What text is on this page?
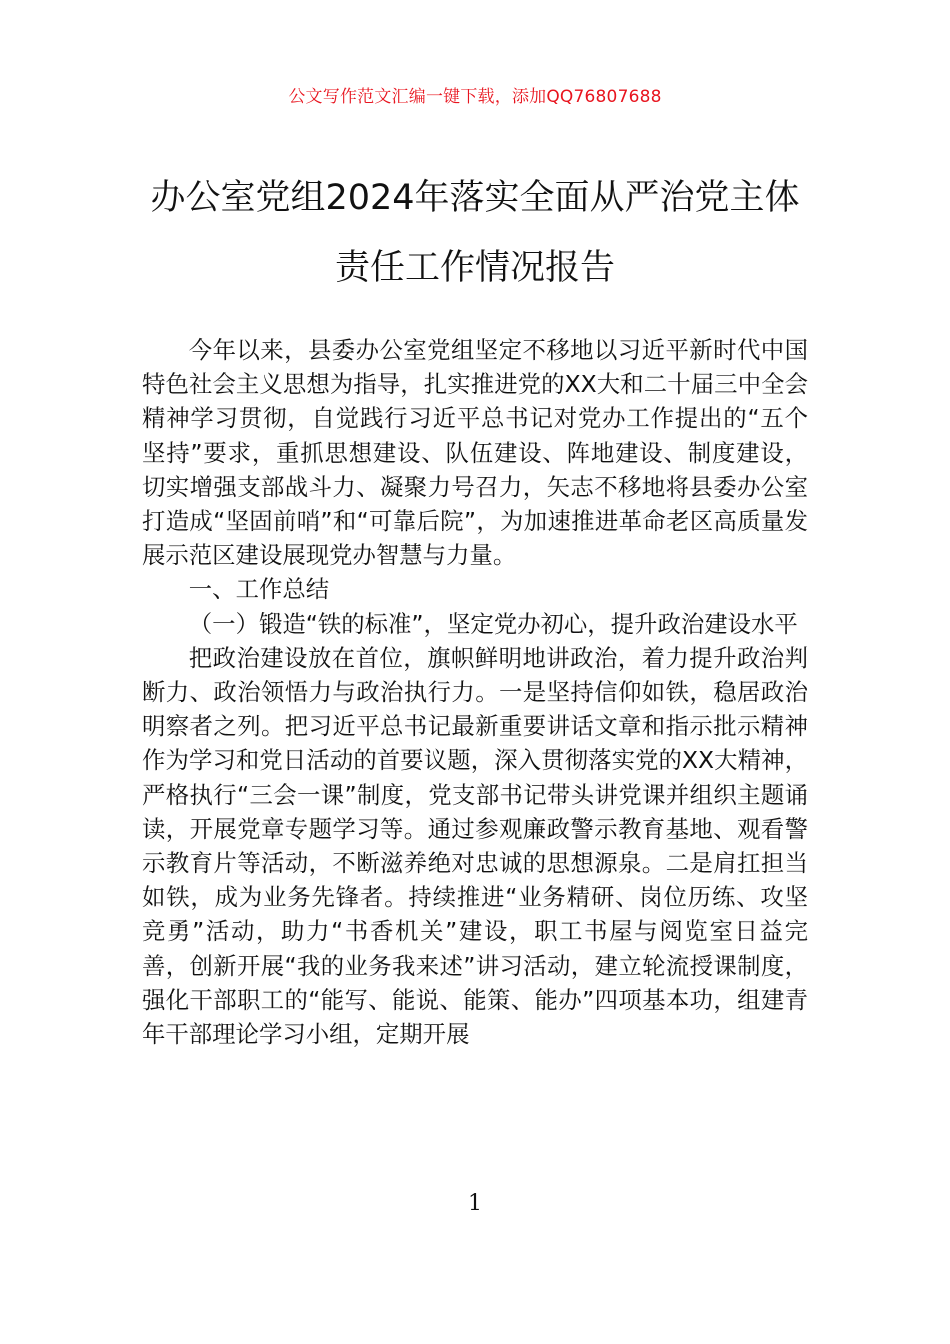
公文写作范文汇编一键下载，添加QQ76807688
办公室党组2024年落实全面从严治党主体
责任工作情况报告

今年以来，县委办公室党组坚定不移地以习近平新时代中国特色社会主义思想为指导，扎实推进党的XX大和二十届三中全会精神学习贯彻，自觉践行习近平总书记对党办工作提出的“五个坚持”要求，重抓思想建设、队伍建设、阵地建设、制度建设，切实增强支部战斗力、凝聚力号召力，矢志不移地将县委办公室打造成“坚固前哨”和“可靠后院”，为加速推进革命老区高质量发展示范区建设展现党办智慧与力量。

一、工作总结

（一）锻造“铁的标准”，坚定党办初心，提升政治建设水平

把政治建设放在首位，旗帜鲜明地讲政治，着力提升政治判断力、政治领悟力与政治执行力。一是坚持信仰如铁，稳居政治明察者之列。把习近平总书记最新重要讲话文章和指示批示精神作为学习和党日活动的首要议题，深入贯彻落实党的XX大精神，严格执行“三会一课”制度，党支部书记带头讲党课并组织主题诵读，开展党章专题学习等。通过参观廉政警示教育基地、观看警示教育片等活动，不断滋养绝对忠诚的思想源泉。二是肩扛担当如铁，成为业务先锋者。持续推进“业务精研、岗位历练、攻坚竞勇”活动，助力“书香机关”建设，职工书屋与阅览室日益完善，创新开展“我的业务我来述”讲习活动，建立轮流授课制度，强化干部职工的“能写、能说、能策、能办”四项基本功，组建青年干部理论学习小组，定期开展

1
